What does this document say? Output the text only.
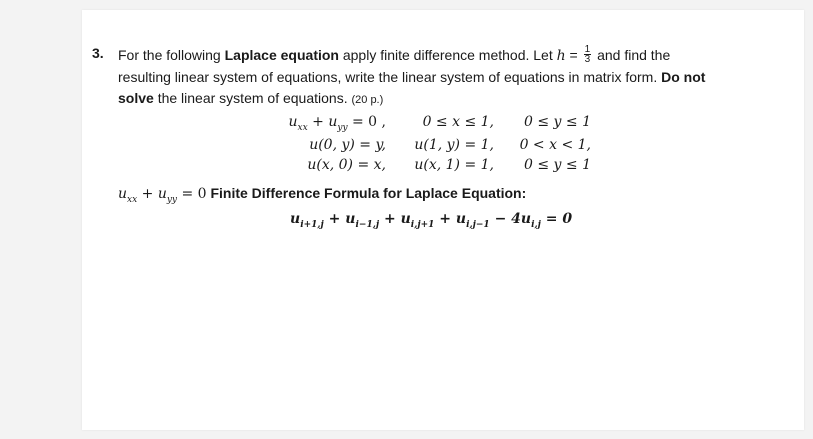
3. For the following Laplace equation apply finite difference method. Let $h = \frac{1}{3}$ and find the
resulting linear system of equations, write the linear system of equations in matrix form. Do not
solve the linear system of equations. (20 p.)
$u_{xx} + u_{yy} = 0$ ,	0 ≤ x ≤ 1,	0 ≤ y ≤ 1
u(0, y) = y,	u(1, y) = 1,	0 < x < 1,
u(x, 0) = x,	u(x, 1) = 1,	0 ≤ y ≤ 1
$u_{xx} + u_{yy} = 0$ Finite Difference Formula for Laplace Equation:
$u_{i+1,j} + u_{i-1,j} + u_{i,j+1} + u_{i,j-1} - 4u_{i,j} = 0$
